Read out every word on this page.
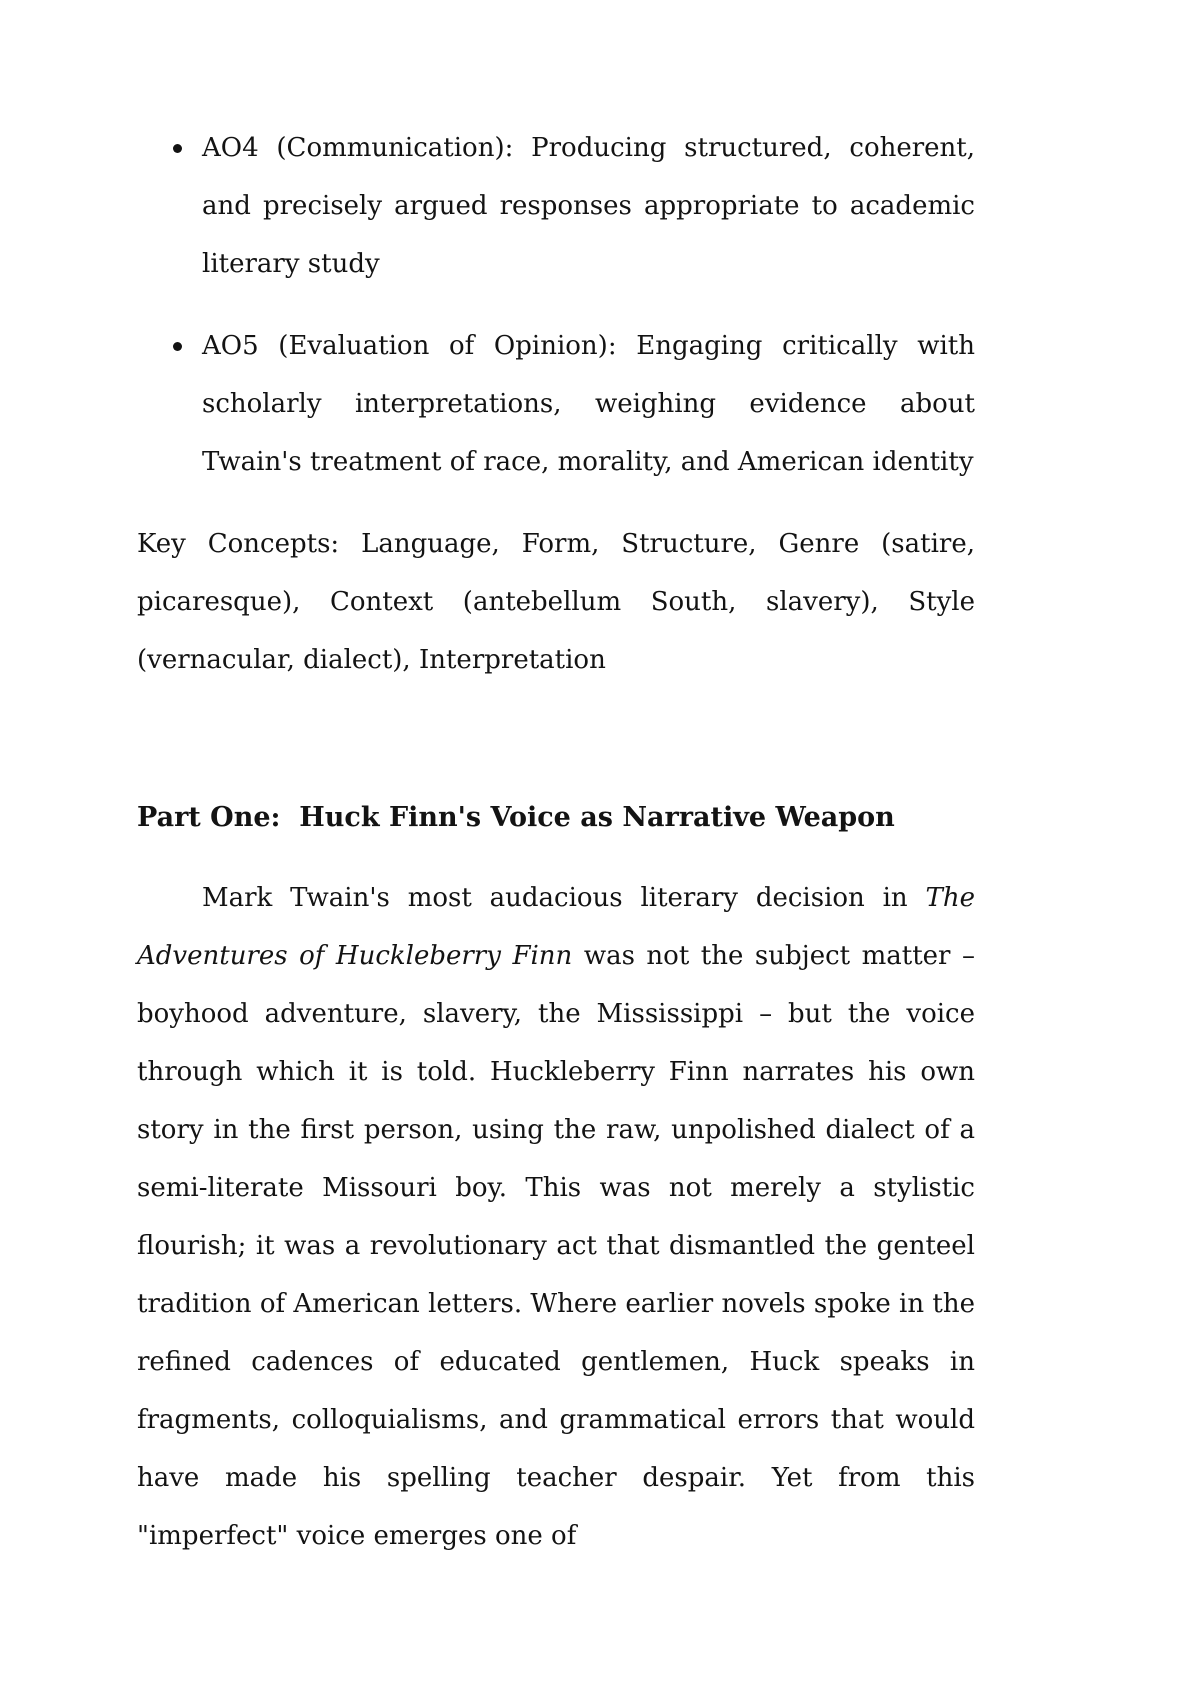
AO4 (Communication): Producing structured, coherent, and precisely argued responses appropriate to academic literary study
AO5 (Evaluation of Opinion): Engaging critically with scholarly interpretations, weighing evidence about Twain's treatment of race, morality, and American identity

Key Concepts: Language, Form, Structure, Genre (satire, picaresque), Context (antebellum South, slavery), Style (vernacular, dialect), Interpretation

Part One:  Huck Finn's Voice as Narrative Weapon

Mark Twain's most audacious literary decision in The Adventures of Huckleberry Finn was not the subject matter – boyhood adventure, slavery, the Mississippi – but the voice through which it is told. Huckleberry Finn narrates his own story in the first person, using the raw, unpolished dialect of a semi-literate Missouri boy. This was not merely a stylistic flourish; it was a revolutionary act that dismantled the genteel tradition of American letters. Where earlier novels spoke in the refined cadences of educated gentlemen, Huck speaks in fragments, colloquialisms, and grammatical errors that would have made his spelling teacher despair. Yet from this "imperfect" voice emerges one of
